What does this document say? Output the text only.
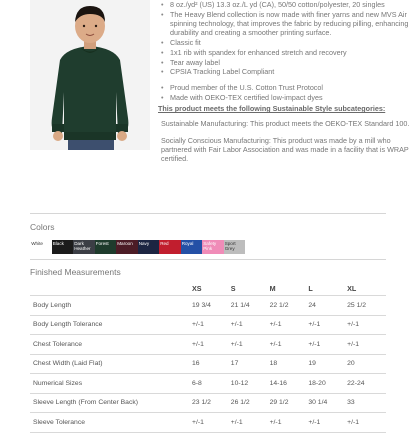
• 8 oz./yd² (US) 13.3 oz./L yd (CA), 50/50 cotton/polyester, 20 singles
• The Heavy Blend collection is now made with finer yarns and new MVS Air spinning technology, that improves the fabric by reducing pilling, enhancing durability and creating a smoother printing surface.
• Classic fit
• 1x1 rib with spandex for enhanced stretch and recovery
• Tear away label
• CPSIA Tracking Label Compliant
• Proud member of the U.S. Cotton Trust Protocol
• Made with OEKO-TEX certified low-impact dyes
This product meets the following Sustainable Style subcategories:

Sustainable Manufacturing: This product meets the OEKO-TEX Standard 100.

Socially Conscious Manufacturing: This product was made by a mill who partnered with Fair Labor Association and was made in a facility that is WRAP certified.

Colors
White	Black	Dark Heather
Forest	Maroon	Navy	Red	Royal	Safety Pink
Sport Grey
Finished Measurements
	XS	S	M	L	XL
Body Length	19 3/4	21 1/4	22 1/2	24	25 1/2
Body Length Tolerance	+/-1	+/-1	+/-1	+/-1	+/-1
Chest Tolerance	+/-1	+/-1	+/-1	+/-1	+/-1
Chest Width (Laid Flat)	16	17	18	19	20
Numerical Sizes	6-8	10-12	14-16	18-20	22-24
Sleeve Length (From Center Back)	23 1/2	26 1/2	29 1/2	30 1/4	33
Sleeve Tolerance	+/-1	+/-1	+/-1	+/-1	+/-1
